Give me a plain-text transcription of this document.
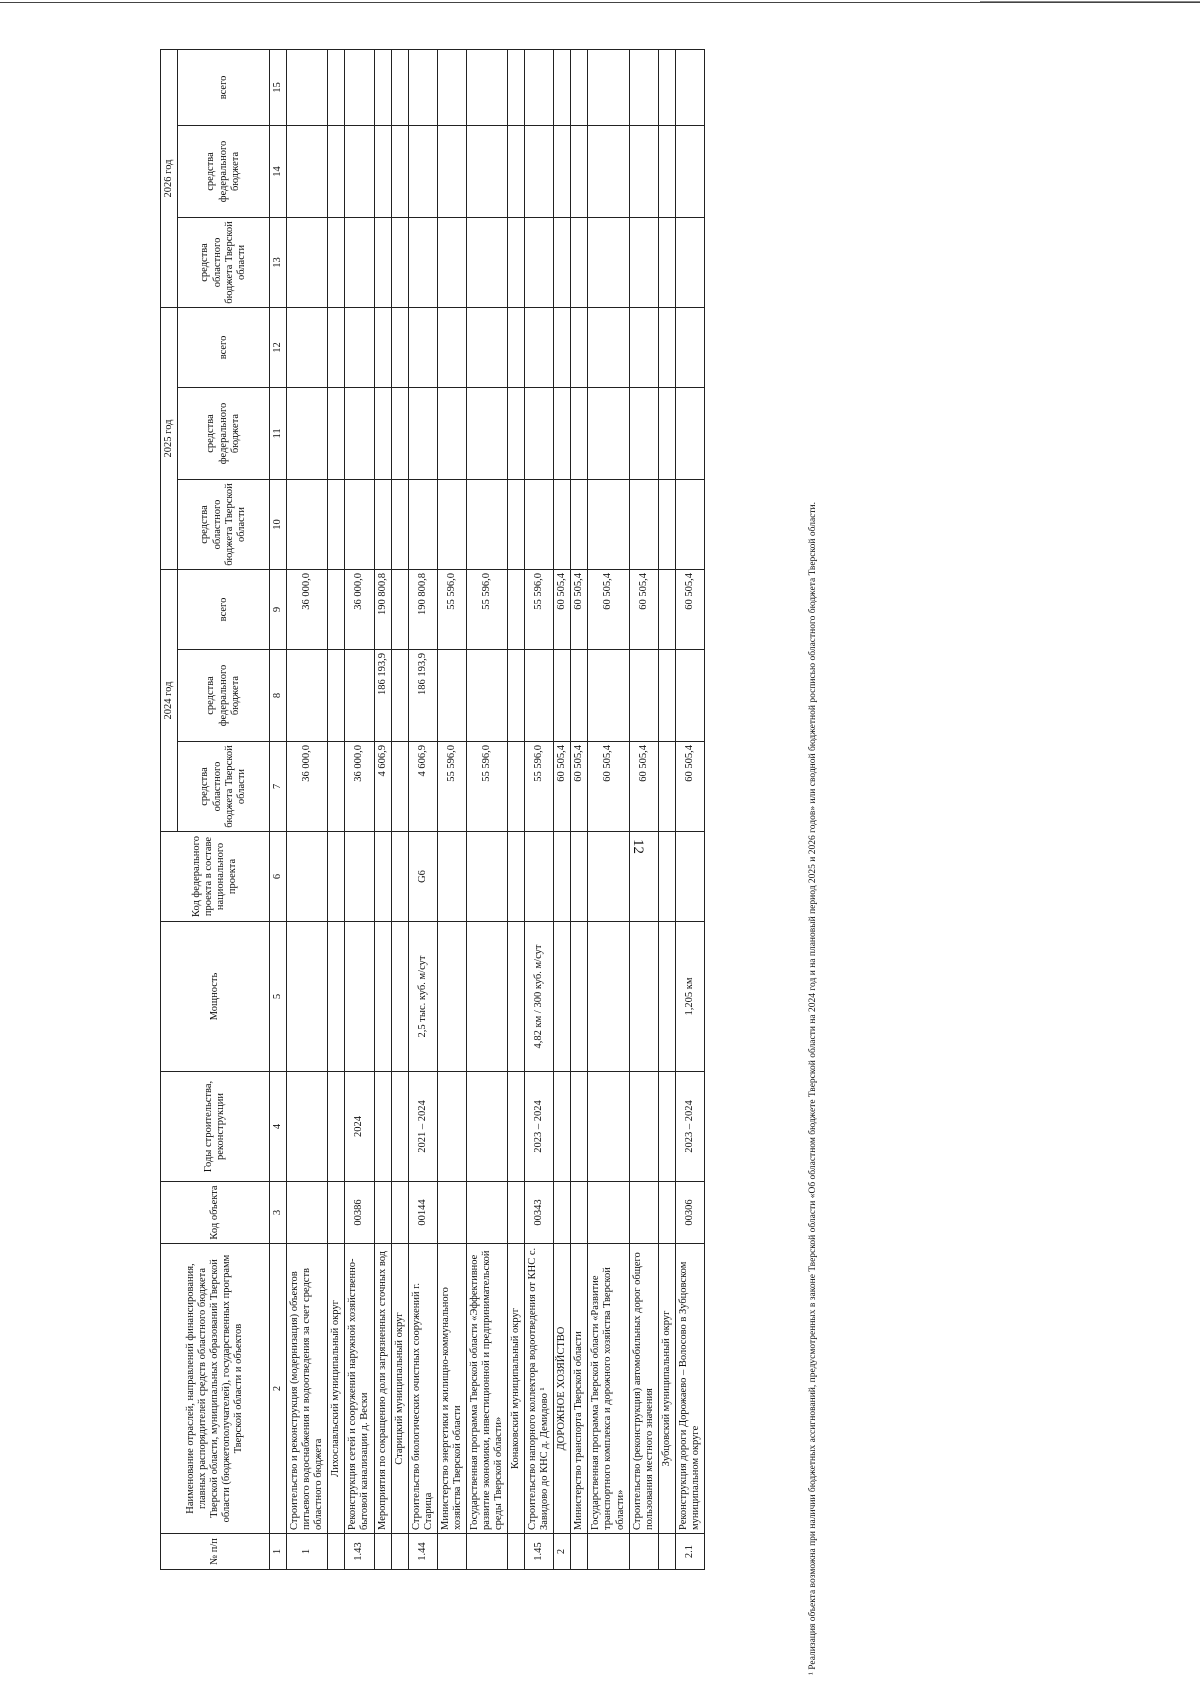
12
№ п/п	Наименование отраслей, направлений финансирования, главных распорядителей средств областного бюджета Тверской области, муниципальных образований Тверской области (бюджетополучателей), государственных программ Тверской области и объектов	Код объекта	Годы строительства, реконструкции	Мощность	Код федерального проекта в составе национального проекта	2024 год			2025 год			2026 год		
						средства областного бюджета Тверской области	средства федерального бюджета	всего	средства областного бюджета Тверской области	средства федерального бюджета	всего	средства областного бюджета Тверской области	средства федерального бюджета	всего
1	2	3	4	5	6	7	8	9	10	11	12	13	14	15
1	Строительство и реконструкция (модернизация) объектов питьевого водоснабжения и водоотведения за счет средств областного бюджета					36 000,0		36 000,0						
	Лихославльский муниципальный округ													
1.43	Реконструкция сетей и сооружений наружной хозяйственно-бытовой канализации д. Вески	00386	2024			36 000,0		36 000,0						
	Мероприятия по сокращению доли загрязненных сточных вод					4 606,9	186 193,9	190 800,8						
	Старицкий муниципальный округ													
1.44	Строительство биологических очистных сооружений г. Старица	00144	2021 – 2024	2,5 тыс. куб. м/сут	G6	4 606,9	186 193,9	190 800,8						
	Министерство энергетики и жилищно-коммунального хозяйства Тверской области					55 596,0		55 596,0						
	Государственная программа Тверской области «Эффективное развитие экономики, инвестиционной и предпринимательской среды Тверской области»					55 596,0		55 596,0						
	Конаковский муниципальный округ													
1.45	Строительство напорного коллектора водоотведения от КНС с. Завидово до КНС д. Демидово ¹	00343	2023 – 2024	4,82 км / 300 куб. м/сут		55 596,0		55 596,0						
2	ДОРОЖНОЕ ХОЗЯЙСТВО					60 505,4		60 505,4						
	Министерство транспорта Тверской области					60 505,4		60 505,4						
	Государственная программа Тверской области «Развитие транспортного комплекса и дорожного хозяйства Тверской области»					60 505,4		60 505,4						
	Строительство (реконструкция) автомобильных дорог общего пользования местного значения					60 505,4		60 505,4						
	Зубцовский муниципальный округ													
2.1	Реконструкция дороги Дорожаево – Волосово в Зубцовском муниципальном округе	00306	2023 – 2024	1,205 км		60 505,4		60 505,4							¹ Реализация объекта возможна при наличии бюджетных ассигнований, предусмотренных в законе Тверской области «Об областном бюджете Тверской области на 2024 год и на плановый период 2025 и 2026 годов» или сводной бюджетной росписью областного бюджета Тверской области.
